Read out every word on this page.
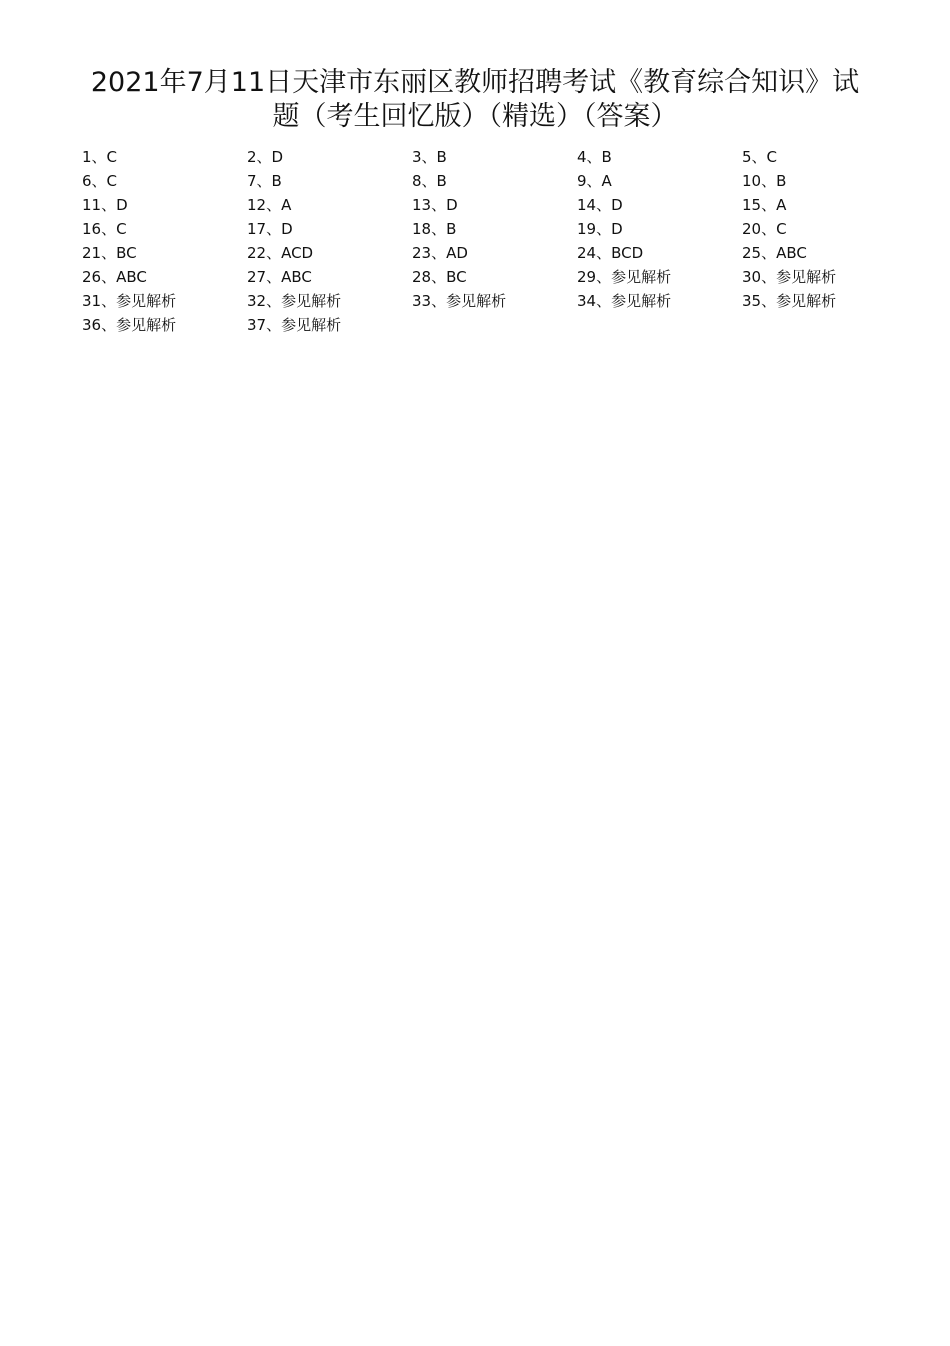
2021年7月11日天津市东丽区教师招聘考试《教育综合知识》试
题（考生回忆版）（精选）（答案）
1、C	2、D	3、B	4、B	5、C
6、C	7、B	8、B	9、A	10、B
11、D	12、A	13、D	14、D	15、A
16、C	17、D	18、B	19、D	20、C
21、BC	22、ACD	23、AD	24、BCD	25、ABC
26、ABC	27、ABC	28、BC	29、参见解析	30、参见解析
31、参见解析	32、参见解析	33、参见解析	34、参见解析	35、参见解析
36、参见解析	37、参见解析
